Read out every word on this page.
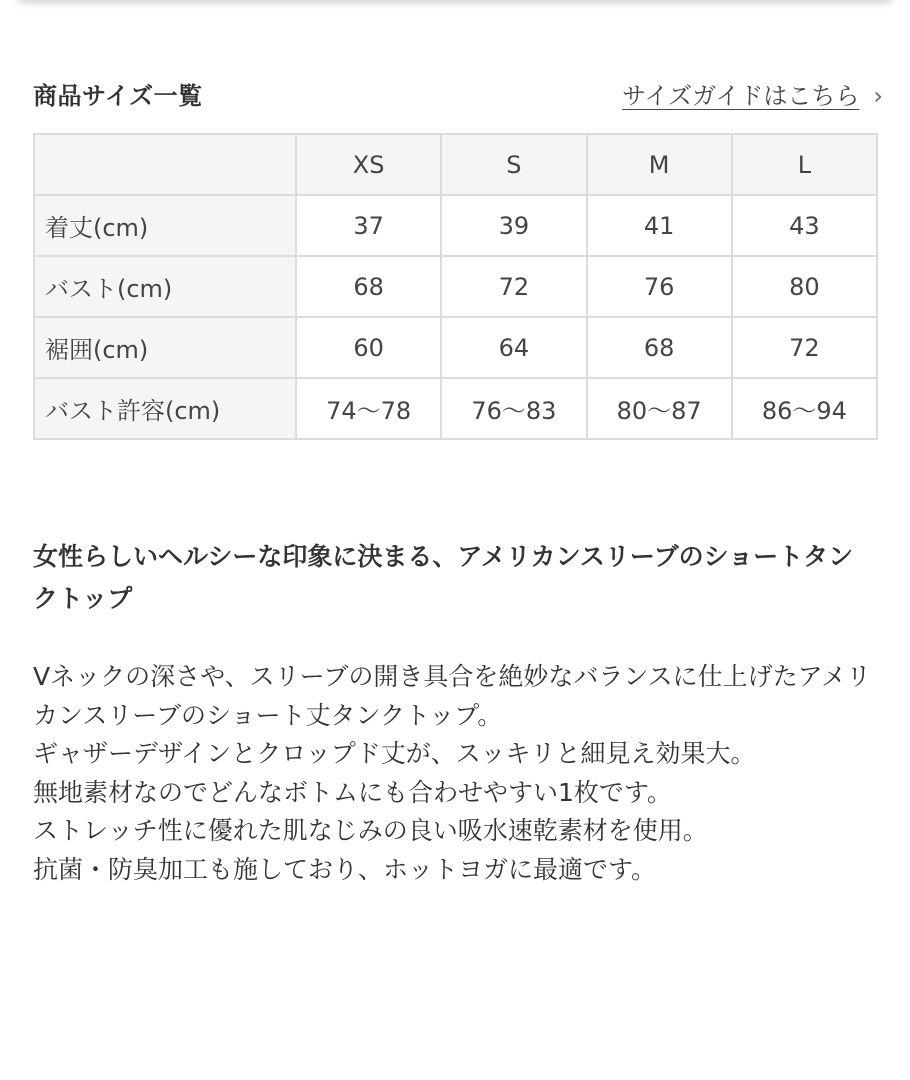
商品サイズ一覧	サイズガイドはこちら ›
	XS	S	M	L
着丈(cm)	37	39	41	43
バスト(cm)	68	72	76	80
裾囲(cm)	60	64	68	72
バスト許容(cm)	74〜78	76〜83	80〜87	86〜94

女性らしいヘルシーな印象に決まる、アメリカンスリーブのショートタンクトップ

Vネックの深さや、スリーブの開き具合を絶妙なバランスに仕上げたアメリカンスリーブのショート丈タンクトップ。

ギャザーデザインとクロップド丈が、スッキリと細見え効果大。

無地素材なのでどんなボトムにも合わせやすい1枚です。

ストレッチ性に優れた肌なじみの良い吸水速乾素材を使用。

抗菌・防臭加工も施しており、ホットヨガに最適です。
